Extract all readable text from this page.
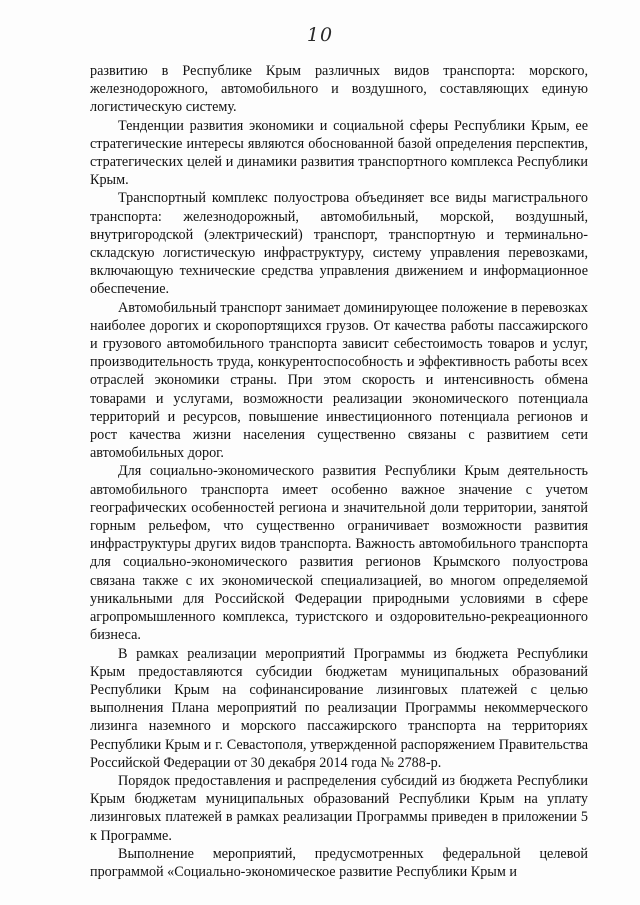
10

развитию в Республике Крым различных видов транспорта: морского, железнодорожного, автомобильного и воздушного, составляющих единую логистическую систему.

Тенденции развития экономики и социальной сферы Республики Крым, ее стратегические интересы являются обоснованной базой определения перспектив, стратегических целей и динамики развития транспортного комплекса Республики Крым.

Транспортный комплекс полуострова объединяет все виды магистрального транспорта: железнодорожный, автомобильный, морской, воздушный, внутригородской (электрический) транспорт, транспортную и терминально-складскую логистическую инфраструктуру, систему управления перевозками, включающую технические средства управления движением и информационное обеспечение.

Автомобильный транспорт занимает доминирующее положение в перевозках наиболее дорогих и скоропортящихся грузов. От качества работы пассажирского и грузового автомобильного транспорта зависит себестоимость товаров и услуг, производительность труда, конкурентоспособность и эффективность работы всех отраслей экономики страны. При этом скорость и интенсивность обмена товарами и услугами, возможности реализации экономического потенциала территорий и ресурсов, повышение инвестиционного потенциала регионов и рост качества жизни населения существенно связаны с развитием сети автомобильных дорог.

Для социально-экономического развития Республики Крым деятельность автомобильного транспорта имеет особенно важное значение с учетом географических особенностей региона и значительной доли территории, занятой горным рельефом, что существенно ограничивает возможности развития инфраструктуры других видов транспорта. Важность автомобильного транспорта для социально-экономического развития регионов Крымского полуострова связана также с их экономической специализацией, во многом определяемой уникальными для Российской Федерации природными условиями в сфере агропромышленного комплекса, туристского и оздоровительно-рекреационного бизнеса.

В рамках реализации мероприятий Программы из бюджета Республики Крым предоставляются субсидии бюджетам муниципальных образований Республики Крым на софинансирование лизинговых платежей с целью выполнения Плана мероприятий по реализации Программы некоммерческого лизинга наземного и морского пассажирского транспорта на территориях Республики Крым и г. Севастополя, утвержденной распоряжением Правительства Российской Федерации от 30 декабря 2014 года № 2788-р.

Порядок предоставления и распределения субсидий из бюджета Республики Крым бюджетам муниципальных образований Республики Крым на уплату лизинговых платежей в рамках реализации Программы приведен в приложении 5 к Программе.

Выполнение мероприятий, предусмотренных федеральной целевой программой «Социально-экономическое развитие Республики Крым и
